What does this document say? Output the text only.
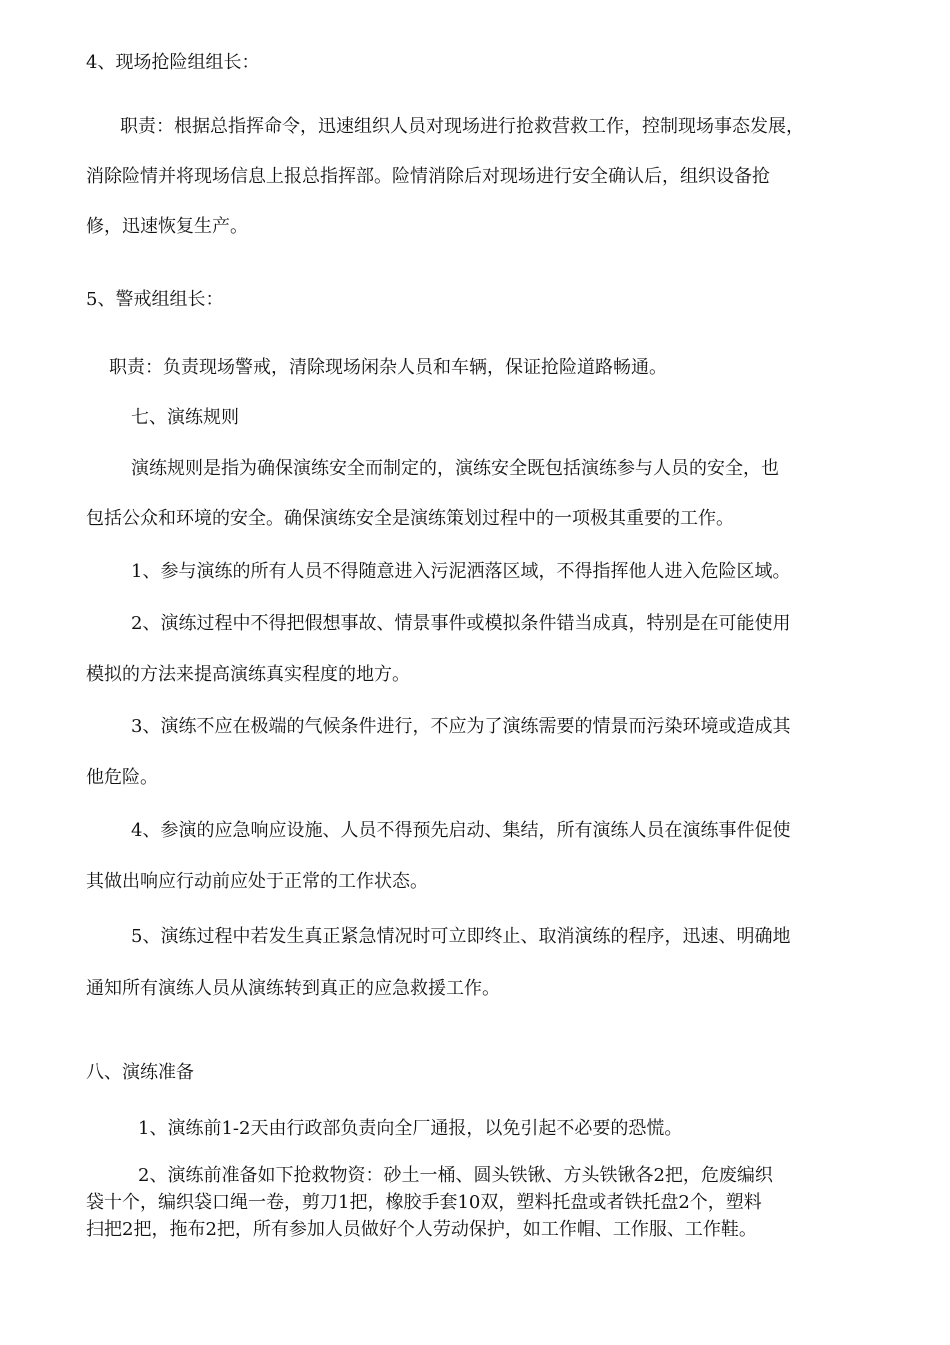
4、现场抢险组组长：
职责：根据总指挥命令，迅速组织人员对现场进行抢救营救工作，控制现场事态发展，
消除险情并将现场信息上报总指挥部。险情消除后对现场进行安全确认后，组织设备抢
修，迅速恢复生产。
5、警戒组组长：
职责：负责现场警戒，清除现场闲杂人员和车辆，保证抢险道路畅通。
七、演练规则
演练规则是指为确保演练安全而制定的，演练安全既包括演练参与人员的安全，也
包括公众和环境的安全。确保演练安全是演练策划过程中的一项极其重要的工作。
1、参与演练的所有人员不得随意进入污泥洒落区域，不得指挥他人进入危险区域。
2、演练过程中不得把假想事故、情景事件或模拟条件错当成真，特别是在可能使用
模拟的方法来提高演练真实程度的地方。
3、演练不应在极端的气候条件进行，不应为了演练需要的情景而污染环境或造成其
他危险。
4、参演的应急响应设施、人员不得预先启动、集结，所有演练人员在演练事件促使
其做出响应行动前应处于正常的工作状态。
5、演练过程中若发生真正紧急情况时可立即终止、取消演练的程序，迅速、明确地
通知所有演练人员从演练转到真正的应急救援工作。
八、演练准备
1、演练前1-2天由行政部负责向全厂通报，以免引起不必要的恐慌。
2、演练前准备如下抢救物资：砂土一桶、圆头铁锹、方头铁锹各2把，危废编织
袋十个，编织袋口绳一卷，剪刀1把，橡胶手套10双，塑料托盘或者铁托盘2个，塑料
扫把2把，拖布2把，所有参加人员做好个人劳动保护，如工作帽、工作服、工作鞋。
